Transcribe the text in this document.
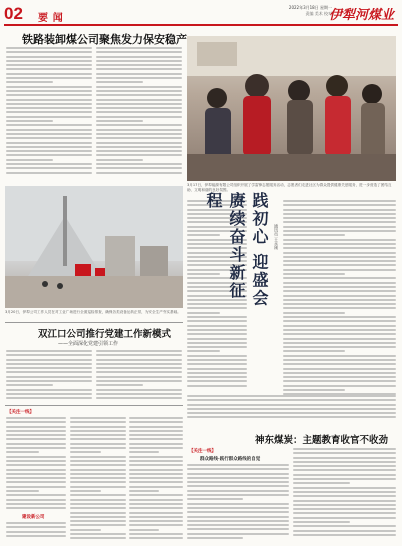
02	要 闻
2022年3月18日 星期一
责编 美术 校对
伊犁河煤业
铁路装卸煤公司聚焦发力保安稳产
3月17日，伊犁能源有限公司组织开展了学雷锋志愿服务活动，志愿者们走进社区为群众提供健康关爱服务，进一步营造了团结互助、文明和谐的良好氛围。
3月20日，伊犁公司工作人员在对工业广场进行全面巡检排查，确保各类设备运转正常，为安全生产夯实基础。
践初心 迎盛会 赓续奋斗新征程
通讯员 王永刚
双江口公司推行党建工作新模式
——全面深化党建引领工作
【关注一线】
建设新公司
神东煤炭：主题教育收官不收劲
【关注一线】
群众路线·践行群众路线的自觉
